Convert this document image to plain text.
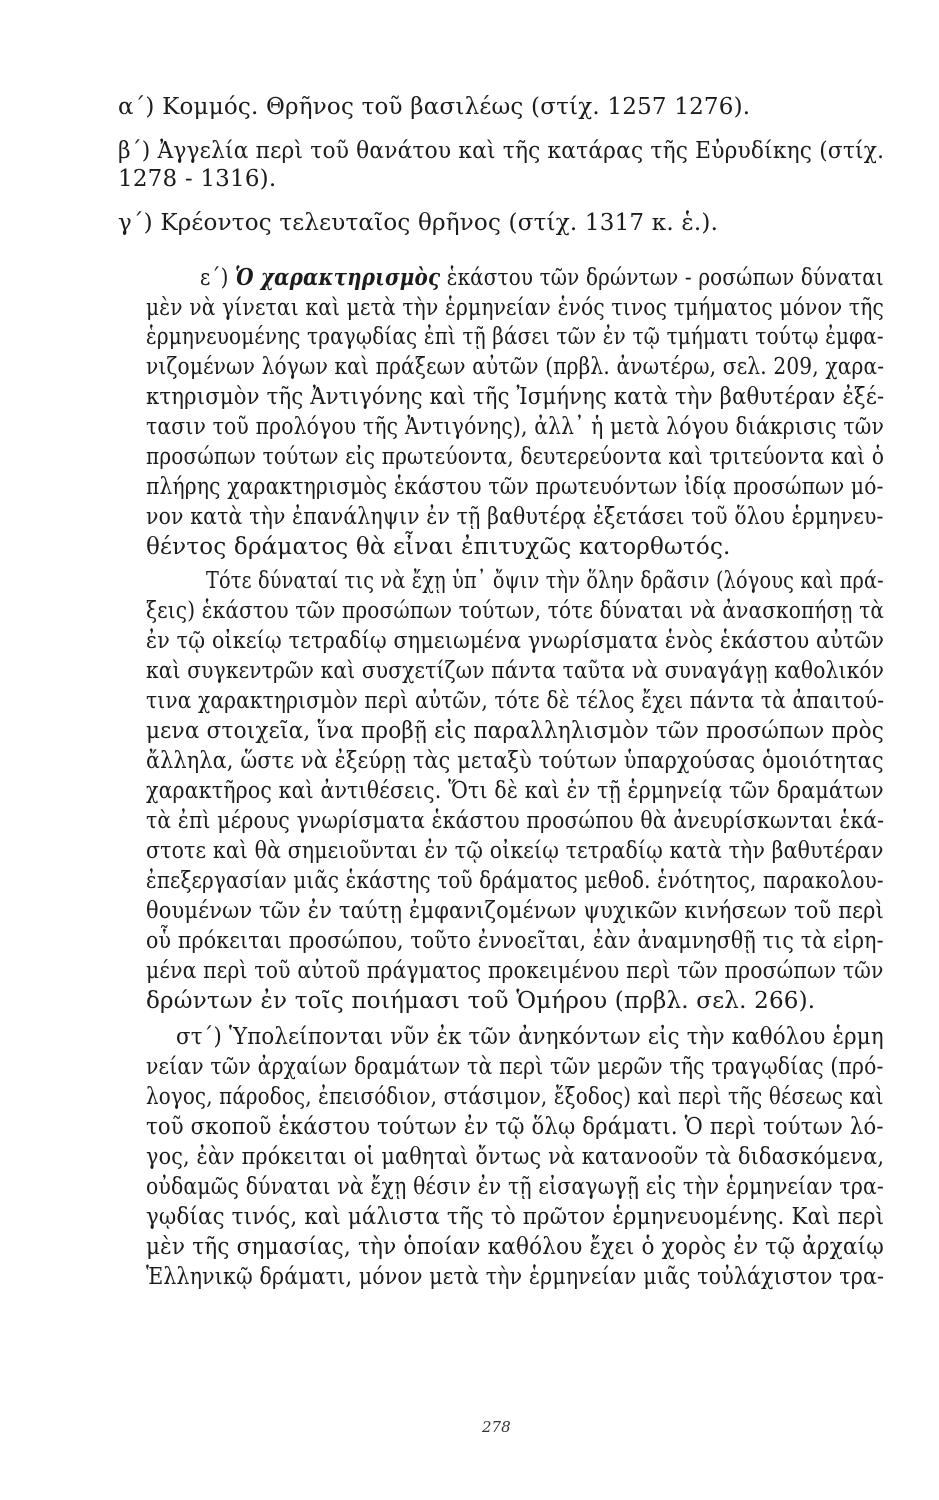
α΄) Κομμός. Θρῆνος τοῦ βασιλέως (στίχ. 1257 1276).
β΄) Ἀγγελία περὶ τοῦ θανάτου καὶ τῆς κατάρας τῆς Εὐρυδίκης (στίχ.
1278 - 1316).
γ΄) Κρέοντος τελευταῖος θρῆνος (στίχ. 1317 κ. ἑ.).
ε΄) Ὁ χαρακτηρισμὸς ἑκάστου τῶν δρώντων - ροσώπων δύναται
μὲν νὰ γίνεται καὶ μετὰ τὴν ἑρμηνείαν ἑνός τινος τμήματος μόνον τῆς
ἑρμηνευομένης τραγῳδίας ἐπὶ τῇ βάσει τῶν ἐν τῷ τμήματι τούτῳ ἐμφα-
νιζομένων λόγων καὶ πράξεων αὐτῶν (πρβλ. ἀνωτέρω, σελ. 209, χαρα-
κτηρισμὸν τῆς Ἀντιγόνης καὶ τῆς Ἰσμήνης κατὰ τὴν βαθυτέραν ἐξέ-
τασιν τοῦ προλόγου τῆς Ἀντιγόνης), ἀλλ᾿ ἡ μετὰ λόγου διάκρισις τῶν
προσώπων τούτων εἰς πρωτεύοντα, δευτερεύοντα καὶ τριτεύοντα καὶ ὁ
πλήρης χαρακτηρισμὸς ἑκάστου τῶν πρωτευόντων ἰδίᾳ προσώπων μό-
νον κατὰ τὴν ἐπανάληψιν ἐν τῇ βαθυτέρᾳ ἐξετάσει τοῦ ὅλου ἑρμηνευ-
θέντος δράματος θὰ εἶναι ἐπιτυχῶς κατορθωτός.
Τότε δύναταί τις νὰ ἔχῃ ὑπ᾿ ὄψιν τὴν ὅλην δρᾶσιν (λόγους καὶ πρά-
ξεις) ἑκάστου τῶν προσώπων τούτων, τότε δύναται νὰ ἀνασκοπήσῃ τὰ
ἐν τῷ οἰκείῳ τετραδίῳ σημειωμένα γνωρίσματα ἑνὸς ἑκάστου αὐτῶν
καὶ συγκεντρῶν καὶ συσχετίζων πάντα ταῦτα νὰ συναγάγῃ καθολικόν
τινα χαρακτηρισμὸν περὶ αὐτῶν, τότε δὲ τέλος ἔχει πάντα τὰ ἀπαιτού-
μενα στοιχεῖα, ἵνα προβῇ εἰς παραλληλισμὸν τῶν προσώπων πρὸς
ἄλληλα, ὥστε νὰ ἐξεύρῃ τὰς μεταξὺ τούτων ὑπαρχούσας ὁμοιότητας
χαρακτῆρος καὶ ἀντιθέσεις. Ὅτι δὲ καὶ ἐν τῇ ἑρμηνείᾳ τῶν δραμάτων
τὰ ἐπὶ μέρους γνωρίσματα ἑκάστου προσώπου θὰ ἀνευρίσκωνται ἑκά-
στοτε καὶ θὰ σημειοῦνται ἐν τῷ οἰκείῳ τετραδίῳ κατὰ τὴν βαθυτέραν
ἐπεξεργασίαν μιᾶς ἑκάστης τοῦ δράματος μεθοδ. ἑνότητος, παρακολου-
θουμένων τῶν ἐν ταύτῃ ἐμφανιζομένων ψυχικῶν κινήσεων τοῦ περὶ
οὗ πρόκειται προσώπου, τοῦτο ἐννοεῖται, ἐὰν ἀναμνησθῇ τις τὰ εἰρη-
μένα περὶ τοῦ αὐτοῦ πράγματος προκειμένου περὶ τῶν προσώπων τῶν
δρώντων ἐν τοῖς ποιήμασι τοῦ Ὁμήρου (πρβλ. σελ. 266).
στ΄) Ὑπολείπονται νῦν ἐκ τῶν ἀνηκόντων εἰς τὴν καθόλου ἑρμη
νείαν τῶν ἀρχαίων δραμάτων τὰ περὶ τῶν μερῶν τῆς τραγῳδίας (πρό-
λογος, πάροδος, ἐπεισόδιον, στάσιμον, ἔξοδος) καὶ περὶ τῆς θέσεως καὶ
τοῦ σκοποῦ ἑκάστου τούτων ἐν τῷ ὅλῳ δράματι. Ὁ περὶ τούτων λό-
γος, ἐὰν πρόκειται οἱ μαθηταὶ ὄντως νὰ κατανοοῦν τὰ διδασκόμενα,
οὐδαμῶς δύναται νὰ ἔχῃ θέσιν ἐν τῇ εἰσαγωγῇ εἰς τὴν ἑρμηνείαν τρα-
γῳδίας τινός, καὶ μάλιστα τῆς τὸ πρῶτον ἑρμηνευομένης. Καὶ περὶ
μὲν τῆς σημασίας, τὴν ὁποίαν καθόλου ἔχει ὁ χορὸς ἐν τῷ ἀρχαίῳ
Ἑλληνικῷ δράματι, μόνον μετὰ τὴν ἑρμηνείαν μιᾶς τοὐλάχιστον τρα-
278
